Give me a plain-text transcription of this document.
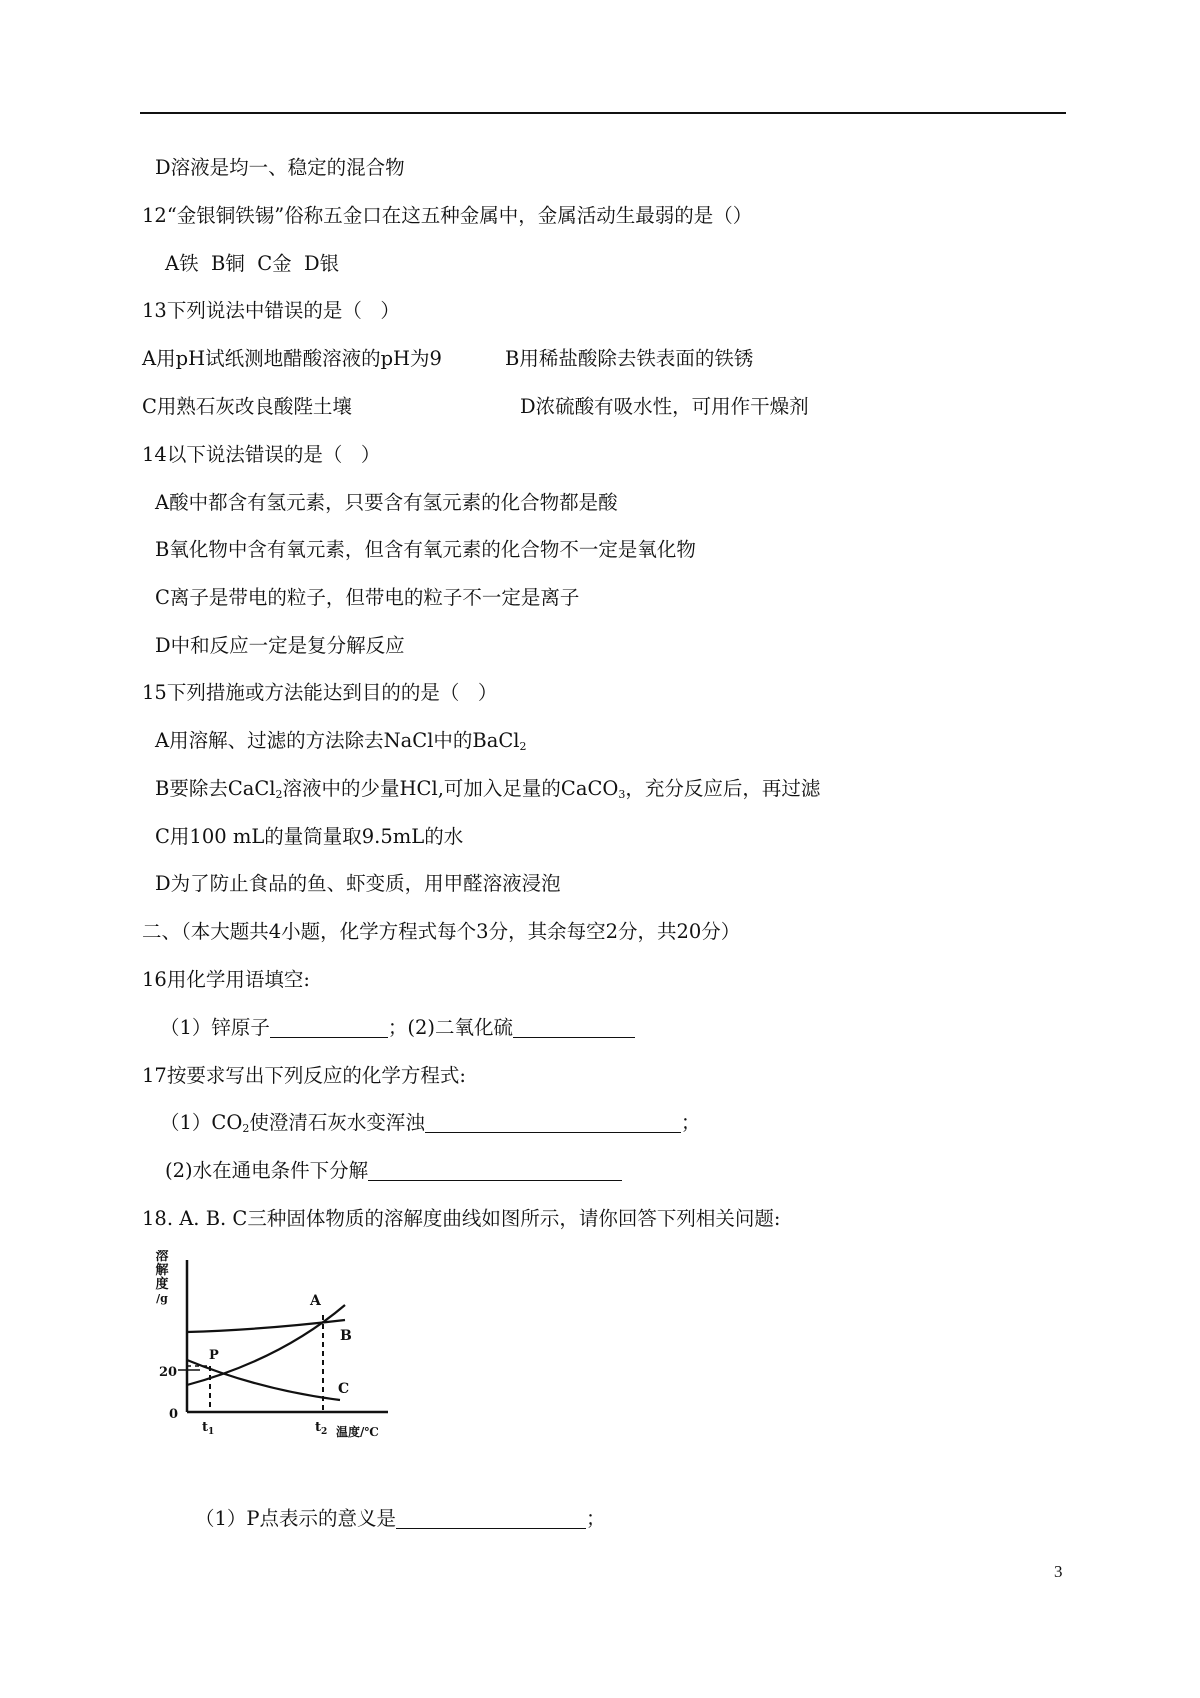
D溶液是均一、稳定的混合物
12“金银铜铁锡”俗称五金口在这五种金属中，金属活动生最弱的是（）
A铁  B铜  C金  D银
13下列说法中错误的是（   ）
A用pH试纸测地醋酸溶液的pH为9	B用稀盐酸除去铁表面的铁锈
C用熟石灰改良酸陛土壤	D浓硫酸有吸水性，可用作干燥剂
14以下说法错误的是（   ）
A酸中都含有氢元素，只要含有氢元素的化合物都是酸
B氧化物中含有氧元素，但含有氧元素的化合物不一定是氧化物
C离子是带电的粒子，但带电的粒子不一定是离子
D中和反应一定是复分解反应
15下列措施或方法能达到目的的是（   ）
A用溶解、过滤的方法除去NaCl中的BaCl$_2$
B要除去CaCl$_2$溶液中的少量HCl,可加入足量的CaCO$_3$，充分反应后，再过滤
C用100 mL的量筒量取9.5mL的水
D为了防止食品的鱼、虾变质，用甲醛溶液浸泡
二、（本大题共4小题，化学方程式每个3分，其余每空2分，共20分）
16用化学用语填空:
（1）锌原子	；(2)二氧化硫
17按要求写出下列反应的化学方程式:
$(1)CO_2$使澄清石灰水变浑浊	；
(2)水在通电条件下分解
18. A. B. C三种固体物质的溶解度曲线如图所示，请你回答下列相关问题:
溶
解
度
/g
0
20
P
A
B
C
$t_1$	$t_2$ 温度/℃
（1）P点表示的意义是	；
3
